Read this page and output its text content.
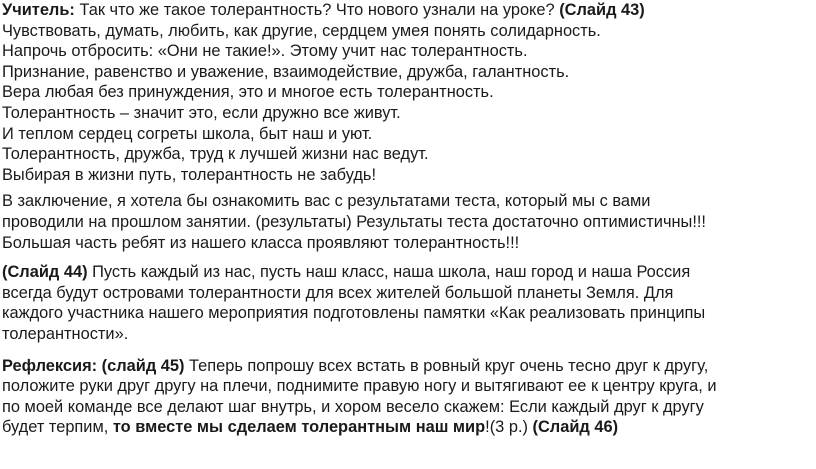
Учитель: Так что же такое толерантность? Что нового узнали на уроке? (Слайд 43)
Чувствовать, думать, любить, как другие, сердцем умея понять солидарность.
Напрочь отбросить: «Они не такие!». Этому учит нас толерантность.
Признание, равенство и уважение, взаимодействие, дружба, галантность.
Вера любая без принуждения, это и многое есть толерантность.
Толерантность – значит это, если дружно все живут.
И теплом сердец согреты школа, быт наш и уют.
Толерантность, дружба, труд к лучшей жизни нас ведут.
Выбирая в жизни путь, толерантность не забудь!
В заключение, я хотела бы ознакомить вас с результатами теста, который мы с вами
проводили на прошлом занятии. (результаты) Результаты теста достаточно оптимистичны!!!
Большая часть ребят из нашего класса проявляют толерантность!!!
(Слайд 44) Пусть каждый из нас, пусть наш класс, наша школа, наш город и наша Россия
всегда будут островами толерантности для всех жителей большой планеты Земля. Для
каждого участника нашего мероприятия подготовлены памятки «Как реализовать принципы
толерантности».
Рефлексия: (слайд 45) Теперь попрошу всех встать в ровный круг очень тесно друг к другу,
положите руки друг другу на плечи, поднимите правую ногу и вытягивают ее к центру круга, и
по моей команде все делают шаг внутрь, и хором весело скажем: Если каждый друг к другу
будет терпим, то вместе мы сделаем толерантным наш мир!(3 р.) (Слайд 46)
